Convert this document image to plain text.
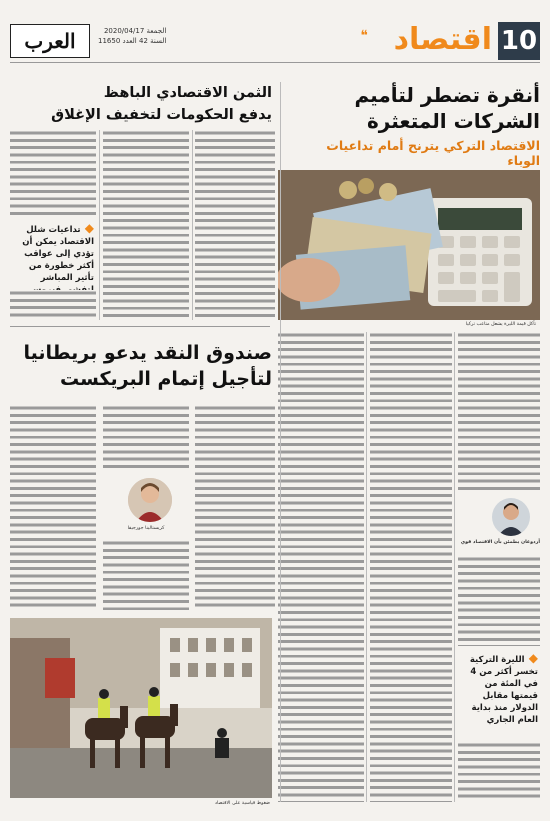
10
اقتصاد
❝
الجمعة 2020/04/17
السنة 42 العدد 11650
العرب
أنقرة تضطر لتأميم
الشركات المتعثرة
الاقتصاد التركي يترنح أمام تداعيات الوباء
تآكل قيمة الليرة يشعل متاعب تركيا
الثمن الاقتصادي الباهظ
يدفع الحكومات لتخفيف الإغلاق
◆ تداعيات شلل الاقتصاد يمكن أن تؤدي إلى عواقب أكثر خطورة من تأثير المباشر
صندوق النقد يدعو بريطانيا
لتأجيل إتمام البريكست
كريستالينا جورجيفا
ضغوط قياسية على الاقتصاد
أردوغان يطمئن بأن الاقتصاد قوي
◆ الليرة التركية تخسر أكثر من 4 في المئة من قيمتها مقابل الدولار منذ بداية العام الجاري
